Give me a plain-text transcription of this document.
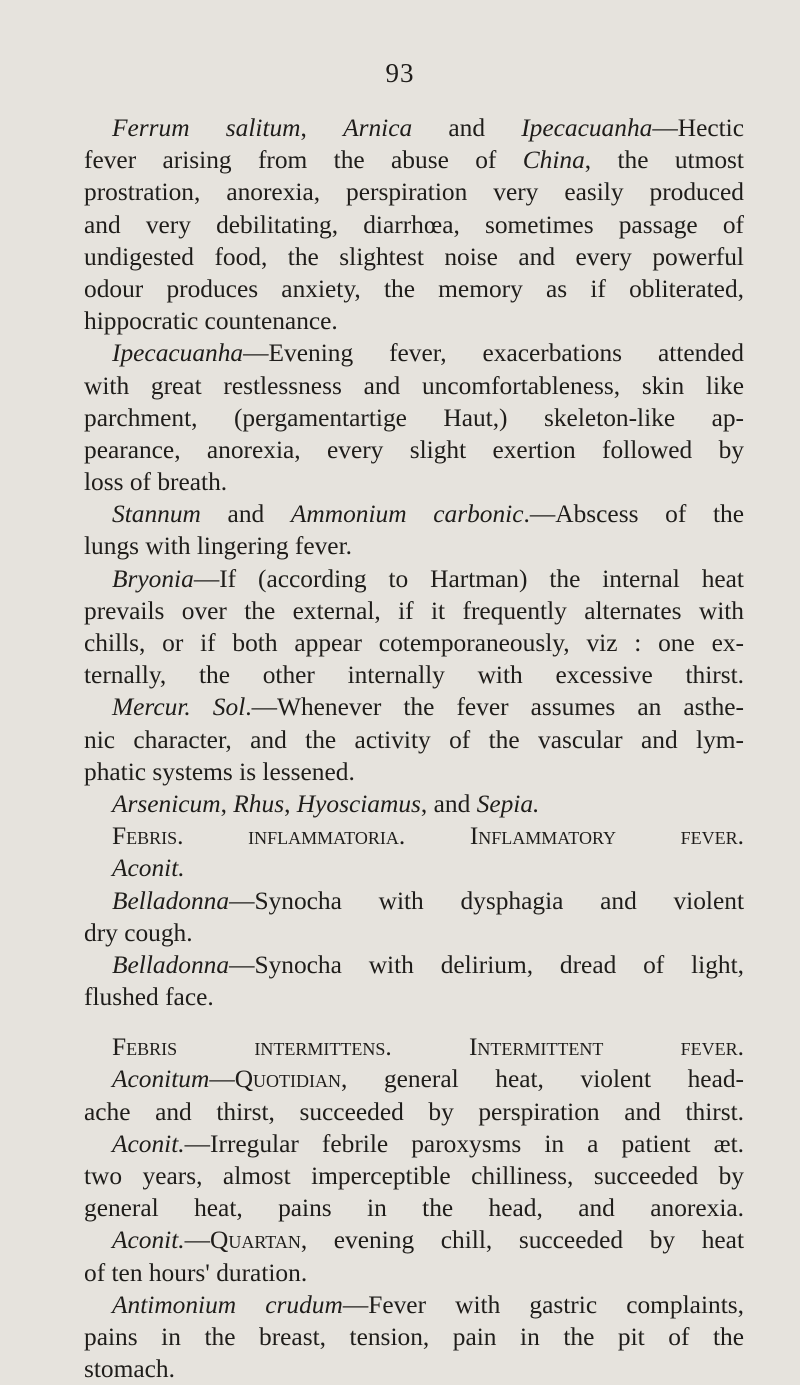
93
Ferrum salitum, Arnica and Ipecacuanha—Hectic
fever arising from the abuse of China, the utmost
prostration, anorexia, perspiration very easily produced
and very debilitating, diarrhœa, sometimes passage of
undigested food, the slightest noise and every powerful
odour produces anxiety, the memory as if obliterated,
hippocratic countenance.
Ipecacuanha—Evening fever, exacerbations attended
with great restlessness and uncomfortableness, skin like
parchment, (pergamentartige Haut,) skeleton-like ap-
pearance, anorexia, every slight exertion followed by
loss of breath.
Stannum and Ammonium carbonic.—Abscess of the
lungs with lingering fever.
Bryonia—If (according to Hartman) the internal heat
prevails over the external, if it frequently alternates with
chills, or if both appear cotemporaneously, viz : one ex-
ternally, the other internally with excessive thirst.
Mercur. Sol.—Whenever the fever assumes an asthe-
nic character, and the activity of the vascular and lym-
phatic systems is lessened.
Arsenicum, Rhus, Hyosciamus, and Sepia.
Febris. inflammatoria. Inflammatory fever.
Aconit.
Belladonna—Synocha with dysphagia and violent
dry cough.
Belladonna—Synocha with delirium, dread of light,
flushed face.
Febris intermittens. Intermittent fever.
Aconitum—Quotidian, general heat, violent head-
ache and thirst, succeeded by perspiration and thirst.
Aconit.—Irregular febrile paroxysms in a patient æt.
two years, almost imperceptible chilliness, succeeded by
general heat, pains in the head, and anorexia.
Aconit.—Quartan, evening chill, succeeded by heat
of ten hours' duration.
Antimonium crudum—Fever with gastric complaints,
pains in the breast, tension, pain in the pit of the
stomach.
